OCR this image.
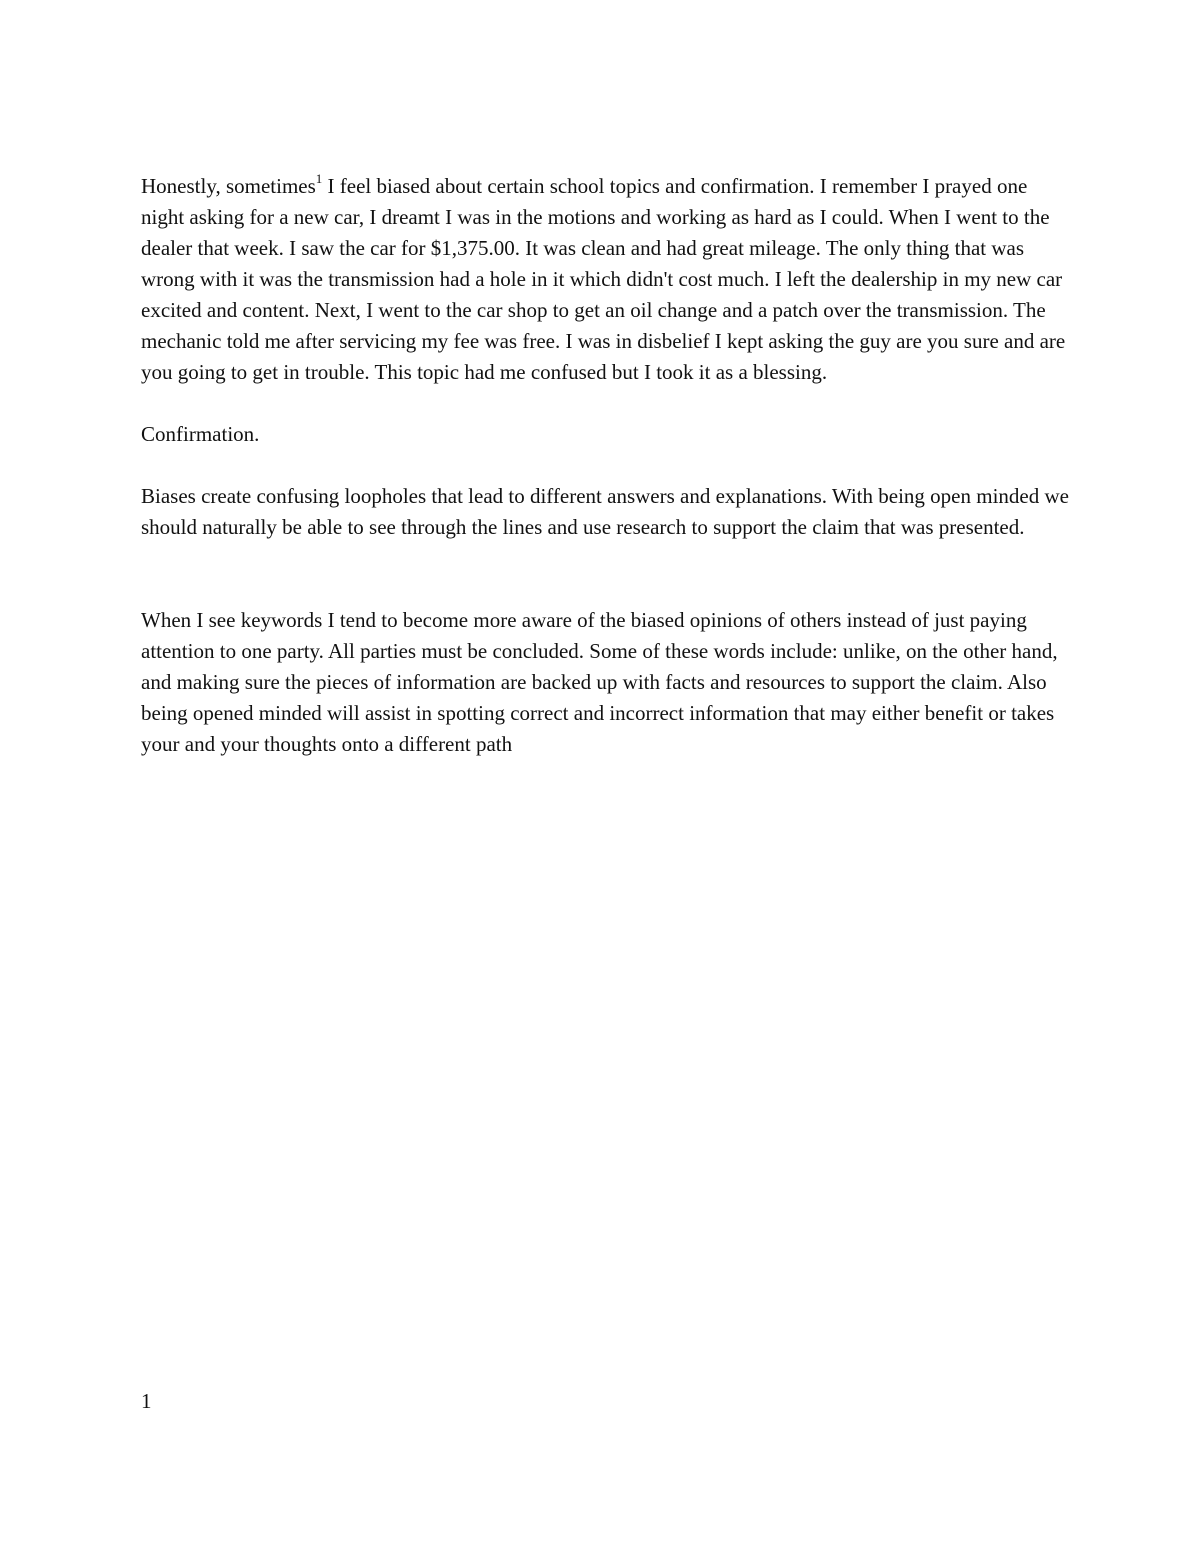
Honestly, sometimes$^1$ I feel biased about certain school topics and confirmation. I remember I prayed one night asking for a new car, I dreamt I was in the motions and working as hard as I could. When I went to the dealer that week. I saw the car for $1,375.00. It was clean and had great mileage. The only thing that was wrong with it was the transmission had a hole in it which didn't cost much. I left the dealership in my new car excited and content. Next, I went to the car shop to get an oil change and a patch over the transmission. The mechanic told me after servicing my fee was free. I was in disbelief I kept asking the guy are you sure and are you going to get in trouble. This topic had me confused but I took it as a blessing.

Confirmation.

Biases create confusing loopholes that lead to different answers and explanations. With being open minded we should naturally be able to see through the lines and use research to support the claim that was presented.

When I see keywords I tend to become more aware of the biased opinions of others instead of just paying attention to one party. All parties must be concluded. Some of these words include: unlike, on the other hand, and making sure the pieces of information are backed up with facts and resources to support the claim. Also being opened minded will assist in spotting correct and incorrect information that may either benefit or takes your and your thoughts onto a different path

1
